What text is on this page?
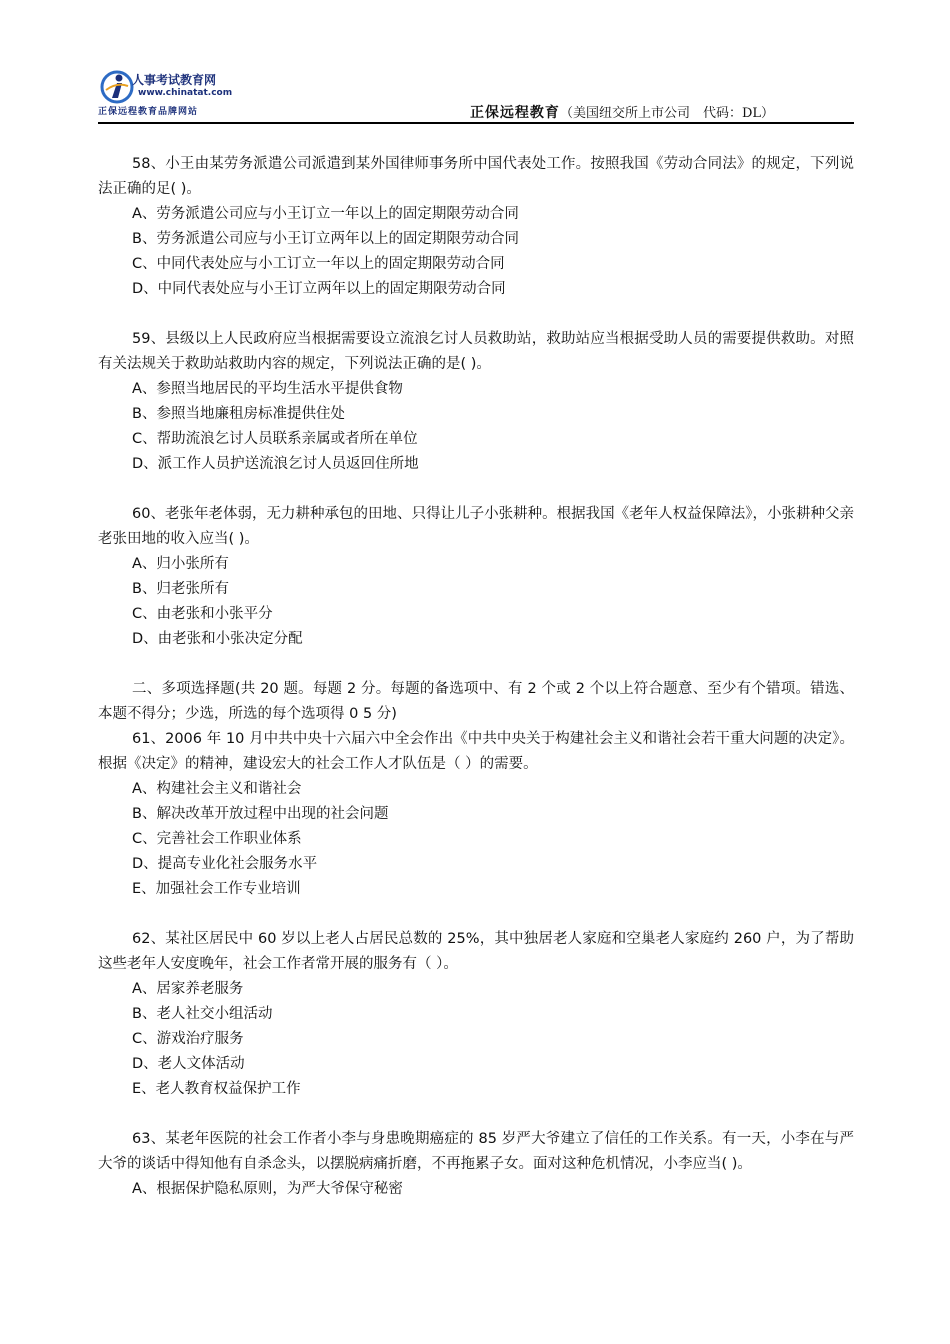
人事考试教育网
www.chinatat.com
正保远程教育品牌网站	正保远程教育（美国纽交所上市公司　代码：DL）

58、小王由某劳务派遣公司派遣到某外国律师事务所中国代表处工作。按照我国《劳动合同法》的规定，下列说法正确的足( )。

A、劳务派遣公司应与小王订立一年以上的固定期限劳动合同

B、劳务派遣公司应与小王订立两年以上的固定期限劳动合同

C、中同代表处应与小工订立一年以上的固定期限劳动合同

D、中同代表处应与小王订立两年以上的固定期限劳动合同

59、县级以上人民政府应当根据需要设立流浪乞讨人员救助站，救助站应当根据受助人员的需要提供救助。对照有关法规关于救助站救助内容的规定，下列说法正确的是( )。

A、参照当地居民的平均生活水平提供食物

B、参照当地廉租房标准提供住处

C、帮助流浪乞讨人员联系亲属或者所在单位

D、派工作人员护送流浪乞讨人员返回住所地

60、老张年老体弱，无力耕种承包的田地、只得让儿子小张耕种。根据我国《老年人权益保障法》，小张耕种父亲老张田地的收入应当( )。

A、归小张所有

B、归老张所有

C、由老张和小张平分

D、由老张和小张决定分配

二、多项选择题(共 20 题。每题 2 分。每题的备选项中、有 2 个或 2 个以上符合题意、至少有个错项。错选、本题不得分；少选，所选的每个选项得 0 5 分)

61、2006 年 10 月中共中央十六届六中全会作出《中共中央关于构建社会主义和谐社会若干重大问题的决定》。根据《决定》的精神，建设宏大的社会工作人才队伍是（ ）的需要。

A、构建社会主义和谐社会

B、解决改革开放过程中出现的社会问题

C、完善社会工作职业体系

D、提高专业化社会服务水平

E、加强社会工作专业培训

62、某社区居民中 60 岁以上老人占居民总数的 25%，其中独居老人家庭和空巢老人家庭约 260 户，为了帮助这些老年人安度晚年，社会工作者常开展的服务有（ ）。

A、居家养老服务

B、老人社交小组活动

C、游戏治疗服务

D、老人文体活动

E、老人教育权益保护工作

63、某老年医院的社会工作者小李与身患晚期癌症的 85 岁严大爷建立了信任的工作关系。有一天，小李在与严大爷的谈话中得知他有自杀念头，以摆脱病痛折磨，不再拖累子女。面对这种危机情况，小李应当( )。

A、根据保护隐私原则，为严大爷保守秘密
